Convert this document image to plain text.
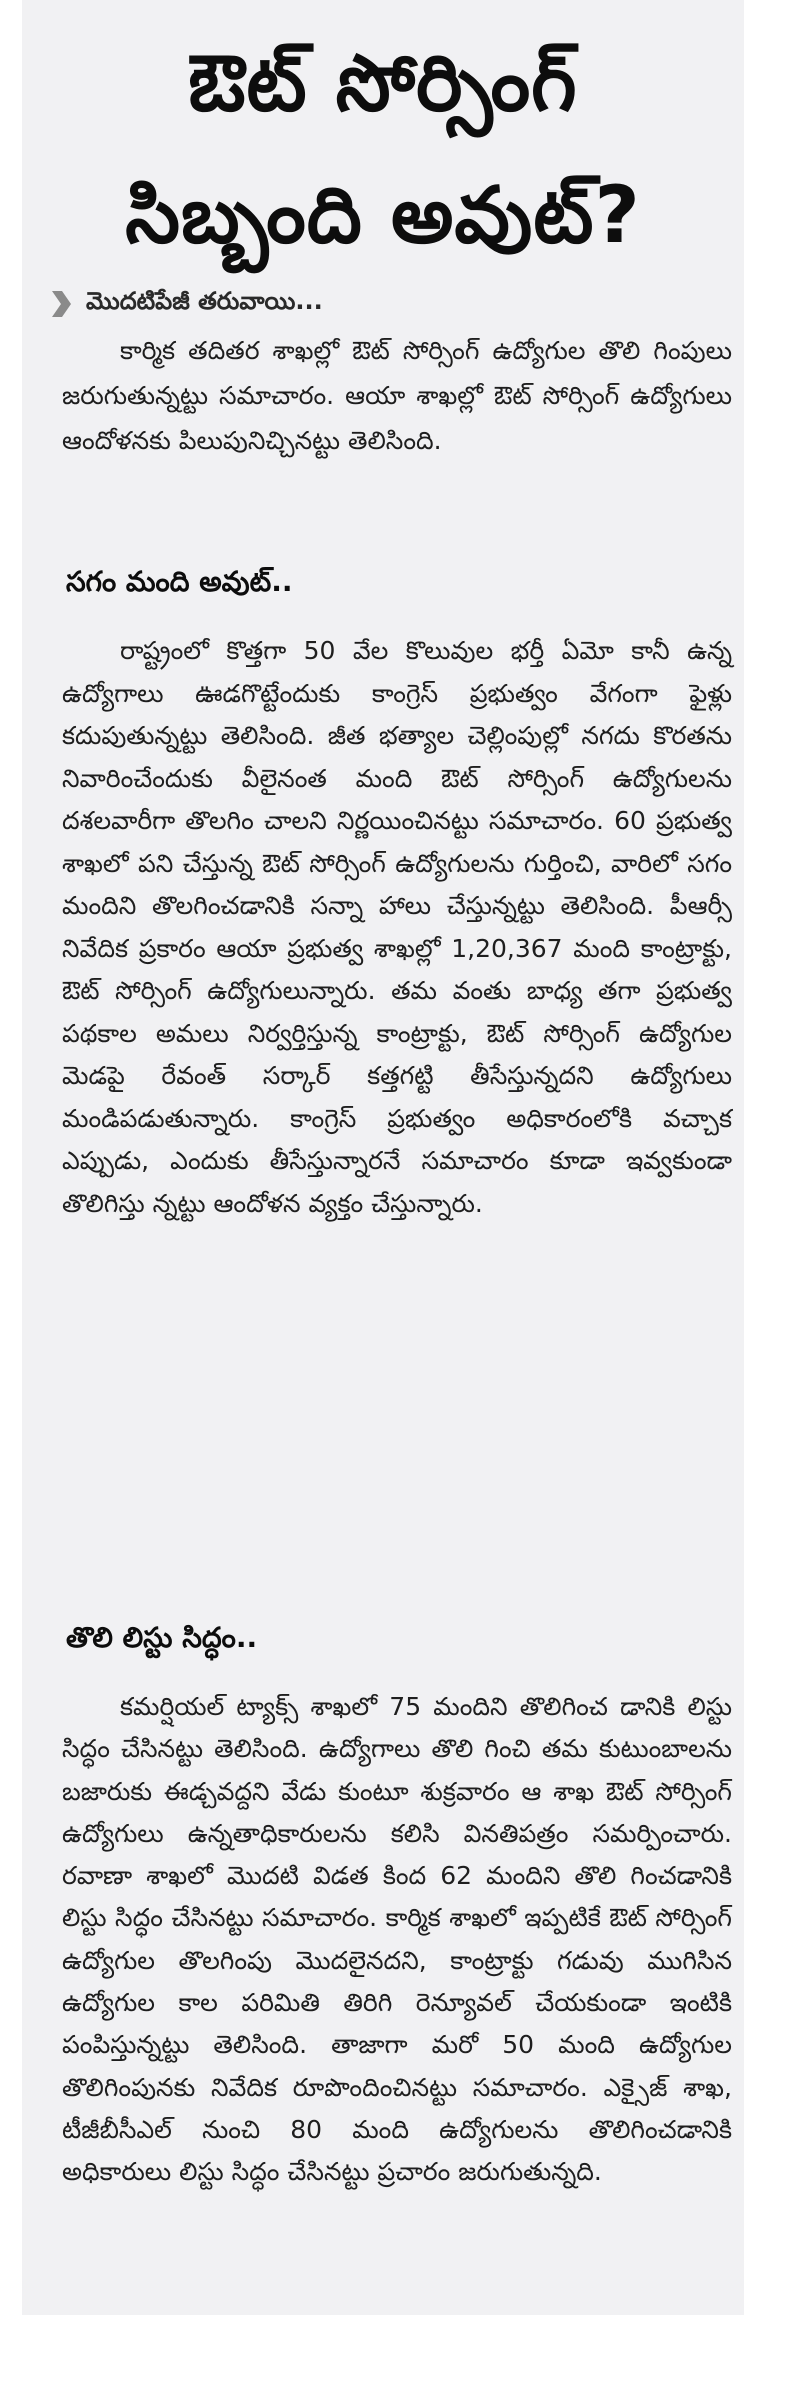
ఔట్ సోర్సింగ్
సిబ్బంది అవుట్?
మొదటిపేజీ తరువాయి...

కార్మిక తదితర శాఖల్లో ఔట్ సోర్సింగ్ ఉద్యోగుల తొలి గింపులు జరుగుతున్నట్టు సమాచారం. ఆయా శాఖల్లో ఔట్ సోర్సింగ్ ఉద్యోగులు ఆందోళనకు పిలుపునిచ్చినట్టు తెలిసింది.

సగం మంది అవుట్..

రాష్ట్రంలో కొత్తగా 50 వేల కొలువుల భర్తీ ఏమో కానీ ఉన్న ఉద్యోగాలు ఊడగొట్టేందుకు కాంగ్రెస్ ప్రభుత్వం వేగంగా ఫైళ్లు కదుపుతున్నట్టు తెలిసింది. జీత భత్యాల చెల్లింపుల్లో నగదు కొరతను నివారించేందుకు వీలైనంత మంది ఔట్ సోర్సింగ్ ఉద్యోగులను దశలవారీగా తొలగిం చాలని నిర్ణయించినట్టు సమాచారం. 60 ప్రభుత్వ శాఖలో పని చేస్తున్న ఔట్ సోర్సింగ్ ఉద్యోగులను గుర్తించి, వారిలో సగం మందిని తొలగించడానికి సన్నా హాలు చేస్తున్నట్టు తెలిసింది. పీఆర్సీ నివేదిక ప్రకారం ఆయా ప్రభుత్వ శాఖల్లో 1,20,367 మంది కాంట్రాక్టు, ఔట్ సోర్సింగ్ ఉద్యోగులున్నారు. తమ వంతు బాధ్య తగా ప్రభుత్వ పథకాల అమలు నిర్వర్తిస్తున్న కాంట్రాక్టు, ఔట్ సోర్సింగ్ ఉద్యోగుల మెడపై రేవంత్ సర్కార్ కత్తగట్టి తీసేస్తున్నదని ఉద్యోగులు మండిపడుతున్నారు. కాంగ్రెస్ ప్రభుత్వం అధికారంలోకి వచ్చాక ఎప్పుడు, ఎందుకు తీసేస్తున్నారనే సమాచారం కూడా ఇవ్వకుండా తొలిగిస్తు న్నట్టు ఆందోళన వ్యక్తం చేస్తున్నారు.

తొలి లిస్టు సిద్ధం..

కమర్షియల్ ట్యాక్స్ శాఖలో 75 మందిని తొలిగించ డానికి లిస్టు సిద్ధం చేసినట్టు తెలిసింది. ఉద్యోగాలు తొలి గించి తమ కుటుంబాలను బజారుకు ఈడ్చవద్దని వేడు కుంటూ శుక్రవారం ఆ శాఖ ఔట్ సోర్సింగ్ ఉద్యోగులు ఉన్నతాధికారులను కలిసి వినతిపత్రం సమర్పించారు. రవాణా శాఖలో మొదటి విడత కింద 62 మందిని తొలి గించడానికి లిస్టు సిద్ధం చేసినట్టు సమాచారం. కార్మిక శాఖలో ఇప్పటికే ఔట్ సోర్సింగ్ ఉద్యోగుల తొలగింపు మొదలైనదని, కాంట్రాక్టు గడువు ముగిసిన ఉద్యోగుల కాల పరిమితి తిరిగి రెన్యూవల్ చేయకుండా ఇంటికి పంపిస్తున్నట్టు తెలిసింది. తాజాగా మరో 50 మంది ఉద్యోగుల తొలిగింపునకు నివేదిక రూపొందించినట్టు సమాచారం. ఎక్సైజ్ శాఖ, టీజీబీసీఎల్ నుంచి 80 మంది ఉద్యోగులను తొలిగించడానికి అధికారులు లిస్టు సిద్ధం చేసినట్టు ప్రచారం జరుగుతున్నది.
